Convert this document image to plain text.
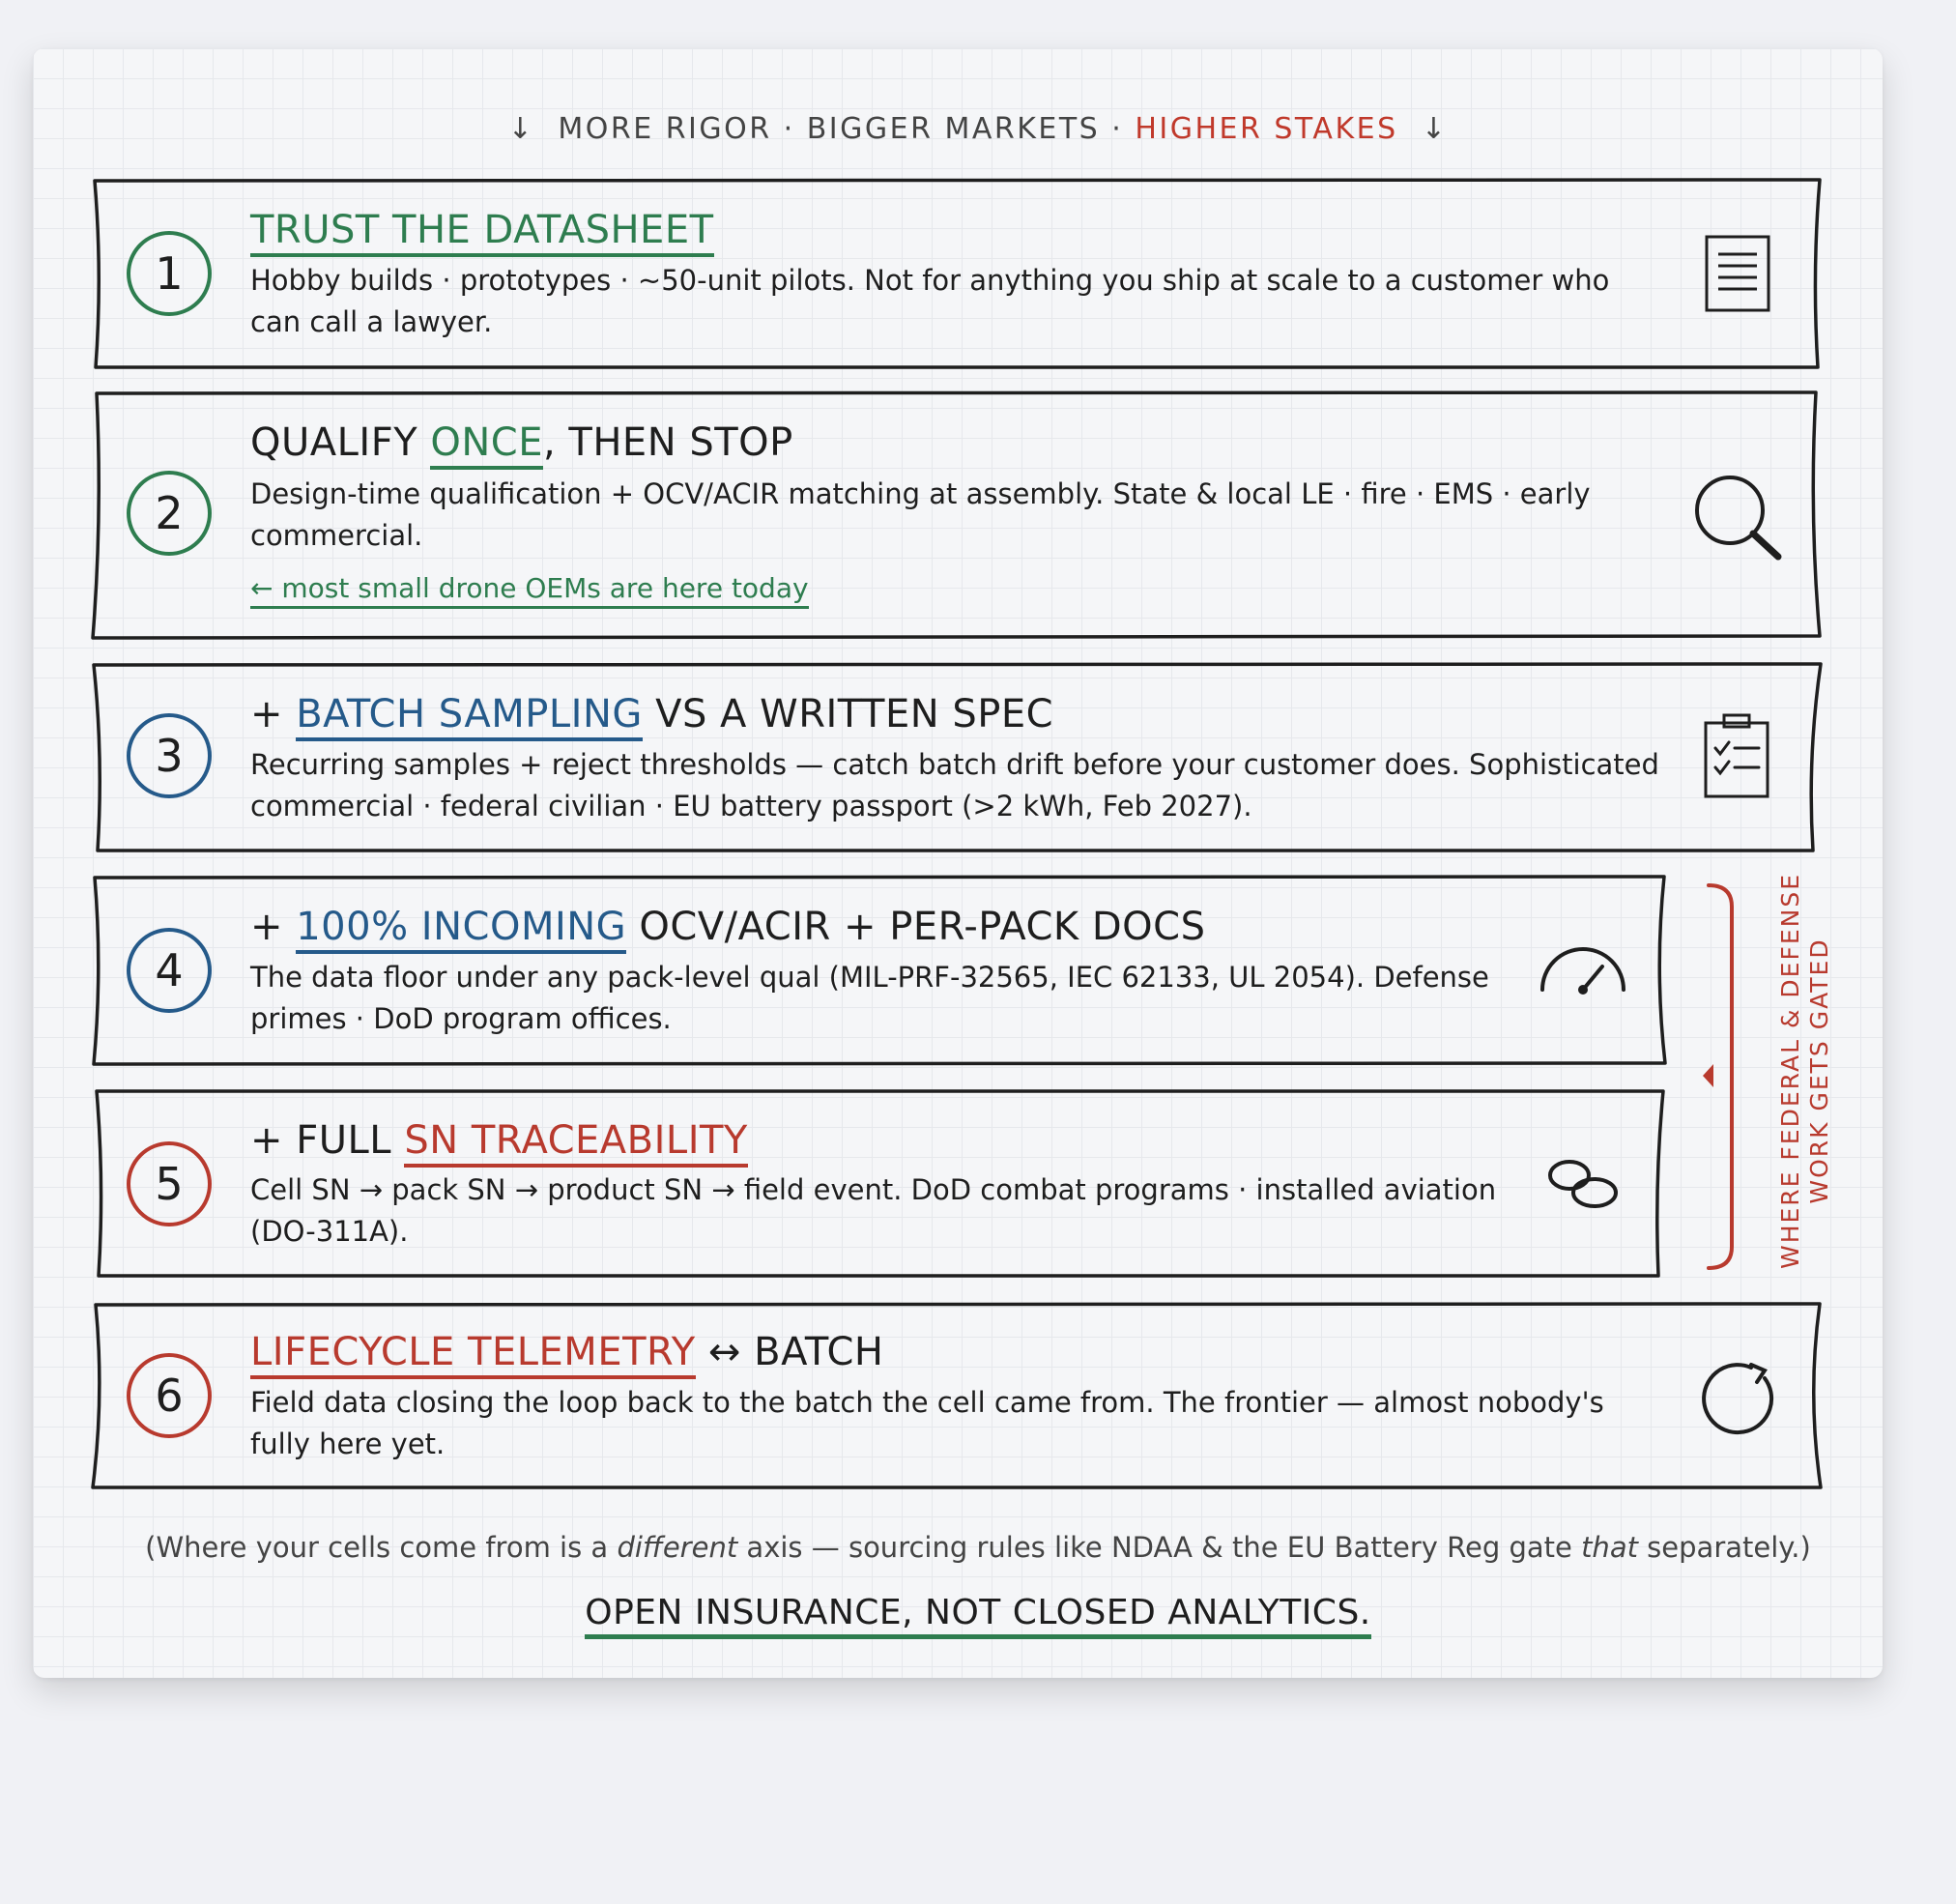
↓ MORE RIGOR · BIGGER MARKETS · HIGHER STAKES ↓
1
TRUST THE DATASHEET
Hobby builds · prototypes · ~50-unit pilots. Not for anything you ship at scale to a customer who can call a lawyer.
2
QUALIFY ONCE, THEN STOP
Design-time qualification + OCV/ACIR matching at assembly. State & local LE · fire · EMS · early commercial.
← most small drone OEMs are here today
3
+ BATCH SAMPLING VS A WRITTEN SPEC
Recurring samples + reject thresholds — catch batch drift before your customer does. Sophisticated commercial · federal civilian · EU battery passport (>2 kWh, Feb 2027).
4
+ 100% INCOMING OCV/ACIR + PER-PACK DOCS
The data floor under any pack-level qual (MIL-PRF-32565, IEC 62133, UL 2054). Defense primes · DoD program offices.
5
+ FULL SN TRACEABILITY
Cell SN → pack SN → product SN → field event. DoD combat programs · installed aviation (DO-311A).
6
LIFECYCLE TELEMETRY ↔ BATCH
Field data closing the loop back to the batch the cell came from. The frontier — almost nobody's fully here yet.
WHERE FEDERAL & DEFENSE WORK GETS GATED
(Where your cells come from is a different axis — sourcing rules like NDAA & the EU Battery Reg gate that separately.)
OPEN INSURANCE, NOT CLOSED ANALYTICS.
